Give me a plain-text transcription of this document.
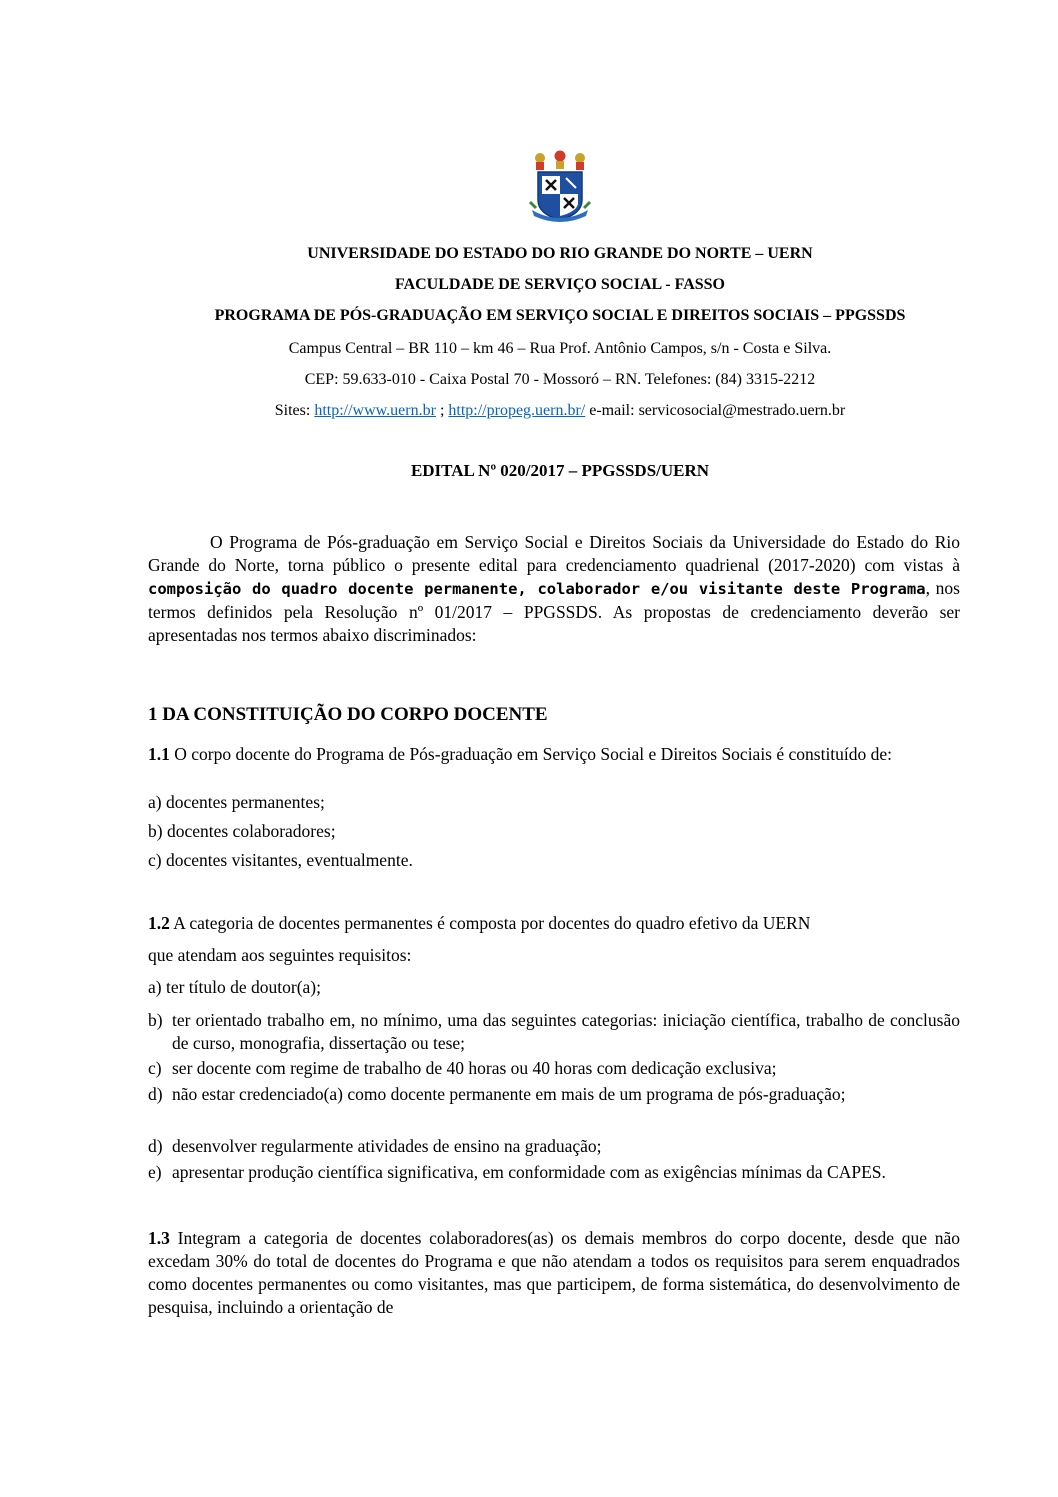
UNIVERSIDADE DO ESTADO DO RIO GRANDE DO NORTE – UERN
FACULDADE DE SERVIÇO SOCIAL - FASSO
PROGRAMA DE PÓS-GRADUAÇÃO EM SERVIÇO SOCIAL E DIREITOS SOCIAIS – PPGSSDS
Campus Central – BR 110 – km 46 – Rua Prof. Antônio Campos, s/n - Costa e Silva.
CEP: 59.633-010 - Caixa Postal 70 - Mossoró – RN. Telefones: (84) 3315-2212
Sites: http://www.uern.br ; http://propeg.uern.br/ e-mail: servicosocial@mestrado.uern.br
EDITAL Nº 020/2017 – PPGSSDS/UERN
O Programa de Pós-graduação em Serviço Social e Direitos Sociais da Universidade do Estado do Rio Grande do Norte, torna público o presente edital para credenciamento quadrienal (2017-2020) com vistas à composição do quadro docente permanente, colaborador e/ou visitante deste Programa, nos termos definidos pela Resolução nº 01/2017 – PPGSSDS. As propostas de credenciamento deverão ser apresentadas nos termos abaixo discriminados:
1 DA CONSTITUIÇÃO DO CORPO DOCENTE
1.1 O corpo docente do Programa de Pós-graduação em Serviço Social e Direitos Sociais é constituído de:
a) docentes permanentes;
b) docentes colaboradores;
c) docentes visitantes, eventualmente.
1.2 A categoria de docentes permanentes é composta por docentes do quadro efetivo da UERN
que atendam aos seguintes requisitos:
a) ter título de doutor(a);
b) ter orientado trabalho em, no mínimo, uma das seguintes categorias: iniciação científica, trabalho de conclusão de curso, monografia, dissertação ou tese;
c) ser docente com regime de trabalho de 40 horas ou 40 horas com dedicação exclusiva;
d) não estar credenciado(a) como docente permanente em mais de um programa de pós-graduação;
d) desenvolver regularmente atividades de ensino na graduação;
e) apresentar produção científica significativa, em conformidade com as exigências mínimas da CAPES.
1.3 Integram a categoria de docentes colaboradores(as) os demais membros do corpo docente, desde que não excedam 30% do total de docentes do Programa e que não atendam a todos os requisitos para serem enquadrados como docentes permanentes ou como visitantes, mas que participem, de forma sistemática, do desenvolvimento de pesquisa, incluindo a orientação de
